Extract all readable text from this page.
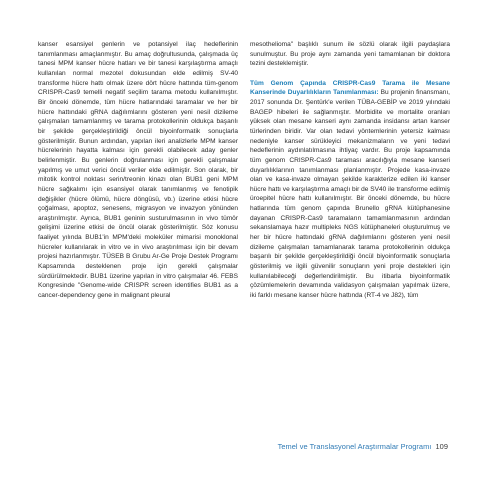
kanser esansiyel genlerin ve potansiyel ilaç hedeflerinin tanımlanması amaçlanmıştır. Bu amaç doğrultusunda, çalışmada üç tanesi MPM kanser hücre hatları ve bir tanesi karşılaştırma amaçlı kullanılan normal mezotel dokusundan elde edilmiş SV-40 transforme hücre hattı olmak üzere dört hücre hattında tüm-genom CRISPR-Cas9 temelli negatif seçilim tarama metodu kullanılmıştır. Bir önceki dönemde, tüm hücre hatlarındaki taramalar ve her bir hücre hattındaki gRNA dağılımlarını gösteren yeni nesil dizileme çalışmaları tamamlanmış ve tarama protokollerinin oldukça başarılı bir şekilde gerçekleştirildiği öncül biyoinformatik sonuçlarla gösterilmiştir. Bunun ardından, yapılan ileri analizlerle MPM kanser hücrelerinin hayatta kalması için gerekli olabilecek aday genler belirlenmiştir. Bu genlerin doğrulanması için gerekli çalışmalar yapılmış ve umut verici öncül veriler elde edilmiştir. Son olarak, bir mitotik kontrol noktası serin/treonin kinazı olan BUB1 geni MPM hücre sağkalımı için esansiyel olarak tanımlanmış ve fenotipik değişikler (hücre ölümü, hücre döngüsü, vb.) üzerine etkisi hücre çoğalması, apoptoz, senesens, migrasyon ve invazyon yönünden araştırılmıştır. Ayrıca, BUB1 geninin susturulmasının in vivo tümör gelişimi üzerine etkisi de öncül olarak gösterilmiştir. Söz konusu faaliyet yılında BUB1'in MPM'deki moleküler mimarisi monoklonal hücreler kullanılarak in vitro ve in vivo araştırılması için bir devam projesi hazırlanmıştır. TÜSEB B Grubu Ar-Ge Proje Destek Programı Kapsamında desteklenen proje için gerekli çalışmalar sürdürülmektedir. BUB1 üzerine yapılan in vitro çalışmalar 46. FEBS Kongresinde "Genome-wide CRISPR screen identifies BUB1 as a cancer-dependency gene in malignant pleural

mesothelioma" başlıklı sunum ile sözlü olarak ilgili paydaşlara sunulmuştur. Bu proje aynı zamanda yeni tamamlanan bir doktora tezini desteklemiştir.

Tüm Genom Çapında CRISPR-Cas9 Tarama ile Mesane Kanserinde Duyarlılıkların Tanımlanması: Bu projenin finansmanı, 2017 sonunda Dr. Şentürk'e verilen TÜBA-GEBİP ve 2019 yılındaki BAGEP hibeleri ile sağlanmıştır. Morbidite ve mortalite oranları yüksek olan mesane kanseri aynı zamanda insidansı artan kanser türlerinden biridir. Var olan tedavi yöntemlerinin yetersiz kalması nedeniyle kanser sürükleyici mekanizmaların ve yeni tedavi hedeflerinin aydınlatılmasına ihtiyaç vardır. Bu proje kapsamında tüm genom CRISPR-Cas9 taraması aracılığıyla mesane kanseri duyarlılıklarının tanımlanması planlanmıştır. Projede kasa-invaze olan ve kasa-invaze olmayan şekilde karakterize edilen iki kanser hücre hattı ve karşılaştırma amaçlı bir de SV40 ile transforme edilmiş üroepitel hücre hattı kullanılmıştır. Bir önceki dönemde, bu hücre hatlarında tüm genom çapında Brunello gRNA kütüphanesine dayanan CRISPR-Cas9 taramaların tamamlanmasının ardından sekanslamaya hazır multipleks NGS kütüphaneleri oluşturulmuş ve her bir hücre hattındaki gRNA dağılımlarını gösteren yeni nesil dizileme çalışmaları tamamlanarak tarama protokollerinin oldukça başarılı bir şekilde gerçekleştirildiği öncül biyoinformatik sonuçlarla gösterilmiş ve ilgili güvenilir sonuçların yeni proje destekleri için kullanılabileceği değerlendirilmiştir. Bu itibarla biyoinformatik çözümlemelerin devamında validasyon çalışmaları yapılmak üzere, iki farklı mesane kanser hücre hattında (RT-4 ve J82), tüm

Temel ve Translasyonel Araştırmalar Programı 109
